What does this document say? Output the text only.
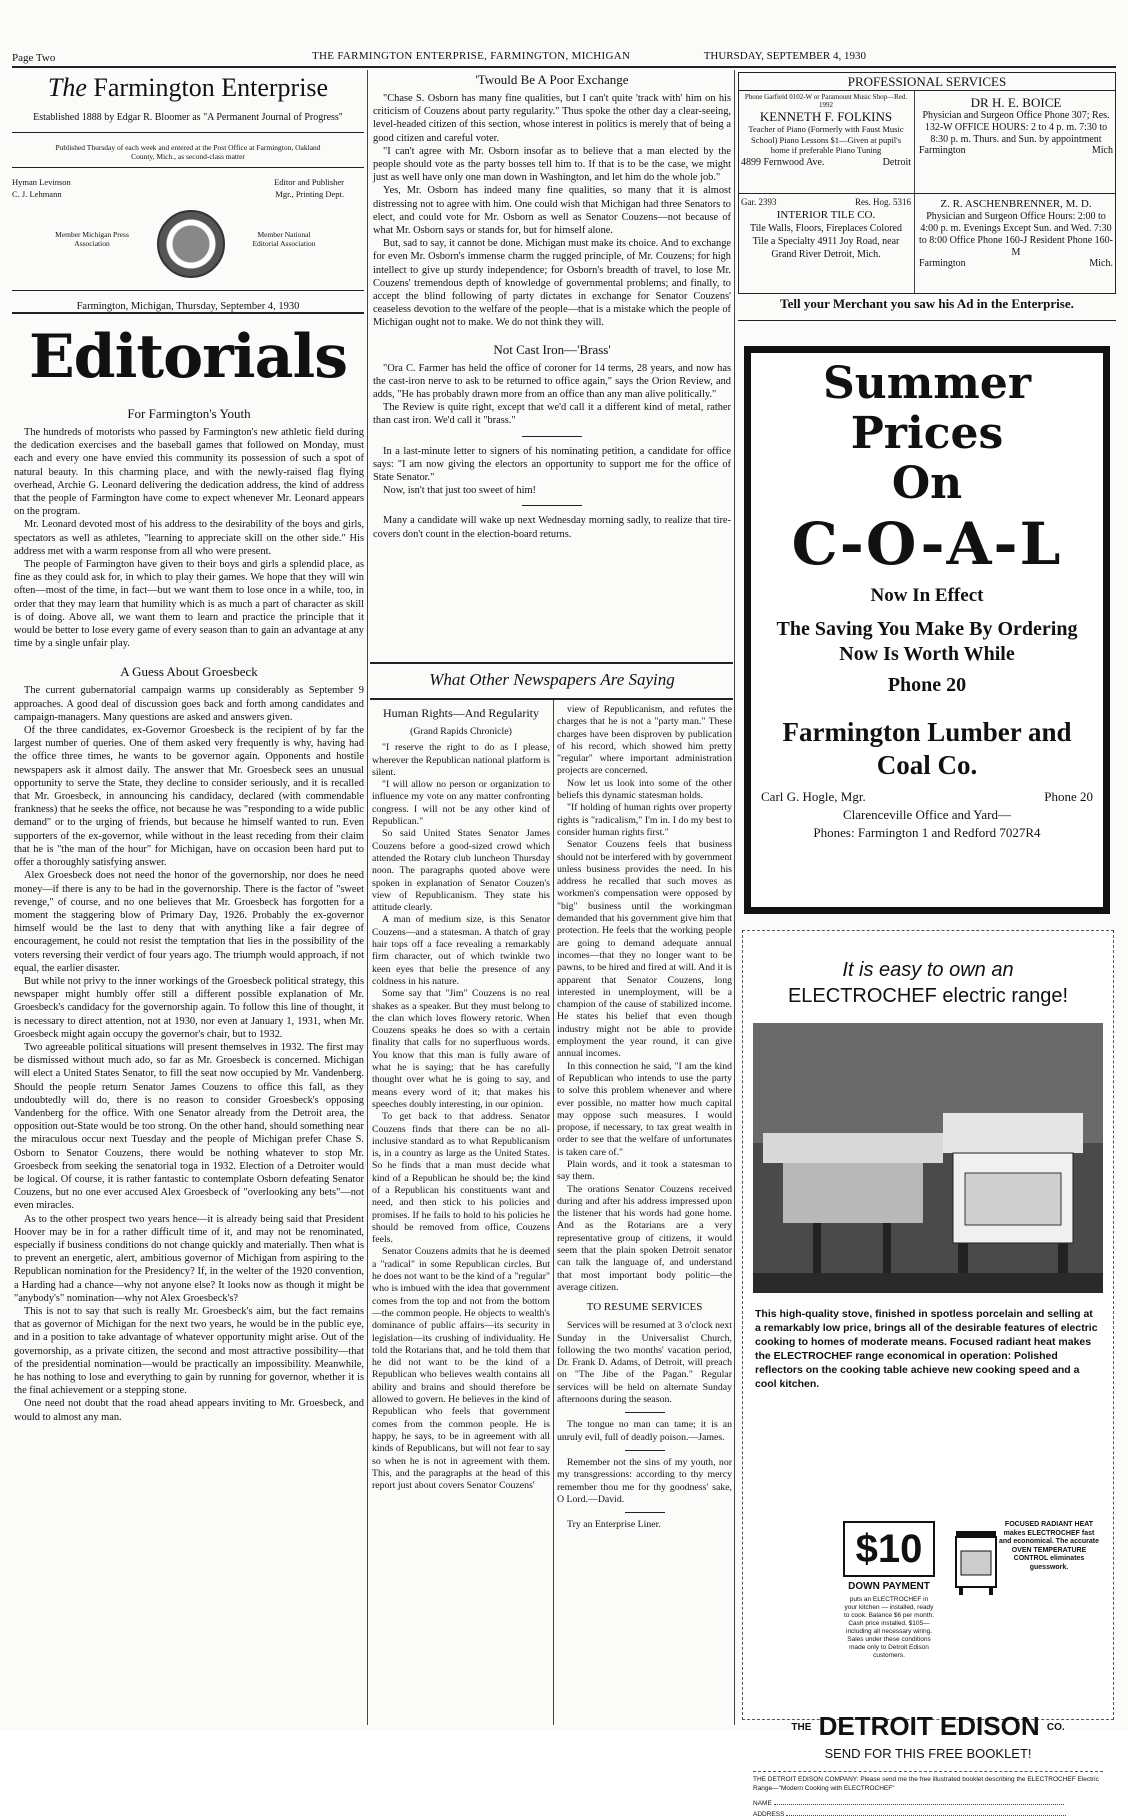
Page Two	THE FARMINGTON ENTERPRISE, FARMINGTON, MICHIGAN	THURSDAY, SEPTEMBER 4, 1930
The Farmington Enterprise
Established 1888 by Edgar R. Bloomer as "A Permanent Journal of Progress"
Published Thursday of each week and entered at the Post Office at Farmington, Oakland County, Mich., as second-class matter
Hyman Levinson	Editor and Publisher
C. J. Lehmann	Mgr., Printing Dept.
Member Michigan Press Association
Member National Editorial Association
Farmington, Michigan, Thursday, September 4, 1930
Editorials
For Farmington's Youth

The hundreds of motorists who passed by Farmington's new athletic field during the dedication exercises and the baseball games that followed on Monday, must each and every one have envied this community its possession of such a spot of natural beauty. In this charming place, and with the newly-raised flag flying overhead, Archie G. Leonard delivering the dedication address, the kind of address that the people of Farmington have come to expect whenever Mr. Leonard appears on the program.

Mr. Leonard devoted most of his address to the desirability of the boys and girls, spectators as well as athletes, "learning to appreciate skill on the other side." His address met with a warm response from all who were present.

The people of Farmington have given to their boys and girls a splendid place, as fine as they could ask for, in which to play their games. We hope that they will win often—most of the time, in fact—but we want them to lose once in a while, too, in order that they may learn that humility which is as much a part of character as skill is of doing. Above all, we want them to learn and practice the principle that it would be better to lose every game of every season than to gain an advantage at any time by a single unfair play.

A Guess About Groesbeck

The current gubernatorial campaign warms up considerably as September 9 approaches. A good deal of discussion goes back and forth among candidates and campaign-managers. Many questions are asked and answers given.

Of the three candidates, ex-Governor Groesbeck is the recipient of by far the largest number of queries. One of them asked very frequently is why, having had the office three times, he wants to be governor again. Opponents and hostile newspapers ask it almost daily. The answer that Mr. Groesbeck sees an unusual opportunity to serve the State, they decline to consider seriously, and it is recalled that Mr. Groesbeck, in announcing his candidacy, declared (with commendable frankness) that he seeks the office, not because he was "responding to a wide public demand" or to the urging of friends, but because he himself wanted to run. Even supporters of the ex-governor, while without in the least receding from their claim that he is "the man of the hour" for Michigan, have on occasion been hard put to offer a thoroughly satisfying answer.

Alex Groesbeck does not need the honor of the governorship, nor does he need money—if there is any to be had in the governorship. There is the factor of "sweet revenge," of course, and no one believes that Mr. Groesbeck has forgotten for a moment the staggering blow of Primary Day, 1926. Probably the ex-governor himself would be the last to deny that with anything like a fair degree of encouragement, he could not resist the temptation that lies in the possibility of the voters reversing their verdict of four years ago. The triumph would approach, if not equal, the earlier disaster.

But while not privy to the inner workings of the Groesbeck political strategy, this newspaper might humbly offer still a different possible explanation of Mr. Groesbeck's candidacy for the governorship again. To follow this line of thought, it is necessary to direct attention, not at 1930, nor even at January 1, 1931, when Mr. Groesbeck might again occupy the governor's chair, but to 1932.

Two agreeable political situations will present themselves in 1932. The first may be dismissed without much ado, so far as Mr. Groesbeck is concerned. Michigan will elect a United States Senator, to fill the seat now occupied by Mr. Vandenberg. Should the people return Senator James Couzens to office this fall, as they undoubtedly will do, there is no reason to consider Groesbeck's opposing Vandenberg for the office. With one Senator already from the Detroit area, the opposition out-State would be too strong. On the other hand, should something near the miraculous occur next Tuesday and the people of Michigan prefer Chase S. Osborn to Senator Couzens, there would be nothing whatever to stop Mr. Groesbeck from seeking the senatorial toga in 1932. Election of a Detroiter would be logical. Of course, it is rather fantastic to contemplate Osborn defeating Senator Couzens, but no one ever accused Alex Groesbeck of "overlooking any bets"—not even miracles.

As to the other prospect two years hence—it is already being said that President Hoover may be in for a rather difficult time of it, and may not be renominated, especially if business conditions do not change quickly and materially. Then what is to prevent an energetic, alert, ambitious governor of Michigan from aspiring to the Republican nomination for the Presidency? If, in the welter of the 1920 convention, a Harding had a chance—why not anyone else? It looks now as though it might be "anybody's" nomination—why not Alex Groesbeck's?

This is not to say that such is really Mr. Groesbeck's aim, but the fact remains that as governor of Michigan for the next two years, he would be in the public eye, and in a position to take advantage of whatever opportunity might arise. Out of the governorship, as a private citizen, the second and most attractive possibility—that of the presidential nomination—would be practically an impossibility. Meanwhile, he has nothing to lose and everything to gain by running for governor, whether it is the final achievement or a stepping stone.

One need not doubt that the road ahead appears inviting to Mr. Groesbeck, and would to almost any man.

'Twould Be A Poor Exchange

"Chase S. Osborn has many fine qualities, but I can't quite 'track with' him on his criticism of Couzens about party regularity." Thus spoke the other day a clear-seeing, level-headed citizen of this section, whose interest in politics is merely that of being a good citizen and careful voter.

"I can't agree with Mr. Osborn insofar as to believe that a man elected by the people should vote as the party bosses tell him to. If that is to be the case, we might just as well have only one man down in Washington, and let him do the whole job."

Yes, Mr. Osborn has indeed many fine qualities, so many that it is almost distressing not to agree with him. One could wish that Michigan had three Senators to elect, and could vote for Mr. Osborn as well as Senator Couzens—not because of what Mr. Osborn says or stands for, but for himself alone.

But, sad to say, it cannot be done. Michigan must make its choice. And to exchange for even Mr. Osborn's immense charm the rugged principle, of Mr. Couzens; for high intellect to give up sturdy independence; for Osborn's breadth of travel, to lose Mr. Couzens' tremendous depth of knowledge of governmental problems; and finally, to accept the blind following of party dictates in exchange for Senator Couzens' ceaseless devotion to the welfare of the people—that is a mistake which the people of Michigan ought not to make. We do not think they will.

Not Cast Iron—'Brass'

"Ora C. Farmer has held the office of coroner for 14 terms, 28 years, and now has the cast-iron nerve to ask to be returned to office again," says the Orion Review, and adds, "He has probably drawn more from an office than any man alive politically."

The Review is quite right, except that we'd call it a different kind of metal, rather than cast iron. We'd call it "brass."

In a last-minute letter to signers of his nominating petition, a candidate for office says: "I am now giving the electors an opportunity to support me for the office of State Senator."

Now, isn't that just too sweet of him!

Many a candidate will wake up next Wednesday morning sadly, to realize that tire-covers don't count in the election-board returns.

What Other Newspapers Are Saying
Human Rights—And Regularity
(Grand Rapids Chronicle)

"I reserve the right to do as I please, wherever the Republican national platform is silent.

"I will allow no person or organization to influence my vote on any matter confronting congress. I will not be any other kind of Republican."

So said United States Senator James Couzens before a good-sized crowd which attended the Rotary club luncheon Thursday noon. The paragraphs quoted above were spoken in explanation of Senator Couzen's view of Republicanism. They state his attitude clearly.

A man of medium size, is this Senator Couzens—and a statesman. A thatch of gray hair tops off a face revealing a remarkably firm character, out of which twinkle two keen eyes that belie the presence of any coldness in his nature.

Some say that "Jim" Couzens is no real shakes as a speaker. But they must belong to the clan which loves flowery retoric. When Couzens speaks he does so with a certain finality that calls for no superfluous words. You know that this man is fully aware of what he is saying; that he has carefully thought over what he is going to say, and means every word of it; that makes his speeches doubly interesting, in our opinion.

To get back to that address. Senator Couzens finds that there can be no all-inclusive standard as to what Republicanism is, in a country as large as the United States. So he finds that a man must decide what kind of a Republican he should be; the kind of a Republican his constituents want and need, and then stick to his policies and promises. If he fails to hold to his policies he should be removed from office, Couzens feels.

Senator Couzens admits that he is deemed a "radical" in some Republican circles. But he does not want to be the kind of a "regular" who is imbued with the idea that government comes from the top and not from the bottom—the common people. He objects to wealth's dominance of public affairs—its security in legislation—its crushing of individuality. He told the Rotarians that, and he told them that he did not want to be the kind of a Republican who believes wealth contains all ability and brains and should therefore be allowed to govern. He believes in the kind of Republican who feels that government comes from the common people. He is happy, he says, to be in agreement with all kinds of Republicans, but will not fear to say so when he is not in agreement with them. This, and the paragraphs at the head of this report just about covers Senator Couzens'

view of Republicanism, and refutes the charges that he is not a "party man." These charges have been disproven by publication of his record, which showed him pretty "regular" where important administration projects are concerned.

Now let us look into some of the other beliefs this dynamic statesman holds.

"If holding of human rights over property rights is "radicalism," I'm in. I do my best to consider human rights first."

Senator Couzens feels that business should not be interfered with by government unless business provides the need. In his address he recalled that such moves as workmen's compensation were opposed by "big" business until the workingman demanded that his government give him that protection. He feels that the working people are going to demand adequate annual incomes—that they no longer want to be pawns, to be hired and fired at will. And it is apparent that Senator Couzens, long interested in unemployment, will be a champion of the cause of stabilized income. He states his belief that even though industry might not be able to provide employment the year round, it can give annual incomes.

In this connection he said, "I am the kind of Republican who intends to use the party to solve this problem whenever and where ever possible, no matter how much capital may oppose such measures. I would propose, if necessary, to tax great wealth in order to see that the welfare of unfortunates is taken care of."

Plain words, and it took a statesman to say them.

The orations Senator Couzens received during and after his address impressed upon the listener that his words had gone home. And as the Rotarians are a very representative group of citizens, it would seem that the plain spoken Detroit senator can talk the language of, and understand that most important body politic—the average citizen.

TO RESUME SERVICES

Services will be resumed at 3 o'clock next Sunday in the Universalist Church, following the two months' vacation period, Dr. Frank D. Adams, of Detroit, will preach on "The Jibe of the Pagan." Regular services will be held on alternate Sunday afternoons during the season.

The tongue no man can tame; it is an unruly evil, full of deadly poison.—James.

Remember not the sins of my youth, nor my transgressions: according to thy mercy remember thou me for thy goodness' sake, O Lord.—David.

Try an Enterprise Liner.

PROFESSIONAL SERVICES
Phone Garfield 0102-W or Paramount Music Shop—Red. 1992
KENNETH F. FOLKINS
Teacher of Piano (Formerly with Faust Music School) Piano Lessons $1—Given at pupil's home if preferable Piano Tuning
4899 Fernwood Ave.	Detroit
DR H. E. BOICE
Physician and Surgeon Office Phone 307; Res. 132-W OFFICE HOURS: 2 to 4 p. m. 7:30 to 8:30 p. m. Thurs. and Sun. by appointment
Farmington	Mich
Gar. 2393	Res. Hog. 5316
INTERIOR TILE CO.
Tile Walls, Floors, Fireplaces Colored Tile a Specialty 4911 Joy Road, near Grand River Detroit, Mich.
Z. R. ASCHENBRENNER, M. D.
Physician and Surgeon Office Hours: 2:00 to 4:00 p. m. Evenings Except Sun. and Wed. 7:30 to 8:00 Office Phone 160-J Resident Phone 160-M
Farmington	Mich.
Tell your Merchant you saw his Ad in the Enterprise.
Summer
Prices
On
C-O-A-L
Now In Effect
The Saving You Make By Ordering Now Is Worth While
Phone 20
Farmington Lumber and Coal Co.
Carl G. Hogle, Mgr.	Phone 20
Clarenceville Office and Yard—
Phones: Farmington 1 and Redford 7027R4
It is easy to own an
ELECTROCHEF electric range!
This high-quality stove, finished in spotless porcelain and selling at a remarkably low price, brings all of the desirable features of electric cooking to homes of moderate means. Focused radiant heat makes the ELECTROCHEF range economical in operation: Polished reflectors on the cooking table achieve new cooking speed and a cool kitchen.
$10
DOWN PAYMENT
puts an ELECTROCHEF in your kitchen — installed, ready to cook. Balance $6 per month. Cash price installed, $105— including all necessary wiring. Sales under these conditions made only to Detroit Edison customers.
FOCUSED RADIANT HEAT makes ELECTROCHEF fast and economical. The accurate OVEN TEMPERATURE CONTROL eliminates guesswork.
THE DETROIT EDISON CO.
SEND FOR THIS FREE BOOKLET!
THE DETROIT EDISON COMPANY: Please send me the free illustrated booklet describing the ELECTROCHEF Electric Range—"Modern Cooking with ELECTROCHEF"
NAME
ADDRESS
